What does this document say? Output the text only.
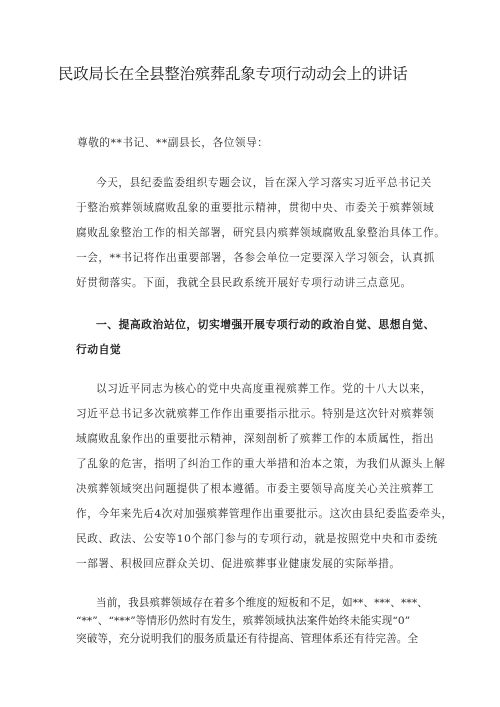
民政局长在全县整治殡葬乱象专项行动动会上的讲话
尊敬的**书记、**副县长，各位领导：
今天，县纪委监委组织专题会议，旨在深入学习落实习近平总书记关
于整治殡葬领域腐败乱象的重要批示精神，贯彻中央、市委关于殡葬领域
腐败乱象整治工作的相关部署，研究县内殡葬领域腐败乱象整治具体工作。
一会，**书记将作出重要部署，各参会单位一定要深入学习领会，认真抓
好贯彻落实。下面，我就全县民政系统开展好专项行动讲三点意见。
一、提高政治站位，切实增强开展专项行动的政治自觉、思想自觉、
行动自觉
以习近平同志为核心的党中央高度重视殡葬工作。党的十八大以来，
习近平总书记多次就殡葬工作作出重要指示批示。特别是这次针对殡葬领
域腐败乱象作出的重要批示精神，深刻剖析了殡葬工作的本质属性，指出
了乱象的危害，指明了纠治工作的重大举措和治本之策，为我们从源头上解
决殡葬领域突出问题提供了根本遵循。市委主要领导高度关心关注殡葬工
作，今年来先后4次对加强殡葬管理作出重要批示。这次由县纪委监委牵头，
民政、政法、公安等10个部门参与的专项行动，就是按照党中央和市委统
一部署、积极回应群众关切、促进殡葬事业健康发展的实际举措。
当前，我县殡葬领域存在着多个维度的短板和不足，如**、***、***、
“**”、“***”等情形仍然时有发生，殡葬领域执法案件始终未能实现“0”
突破等，充分说明我们的服务质量还有待提高、管理体系还有待完善。全
